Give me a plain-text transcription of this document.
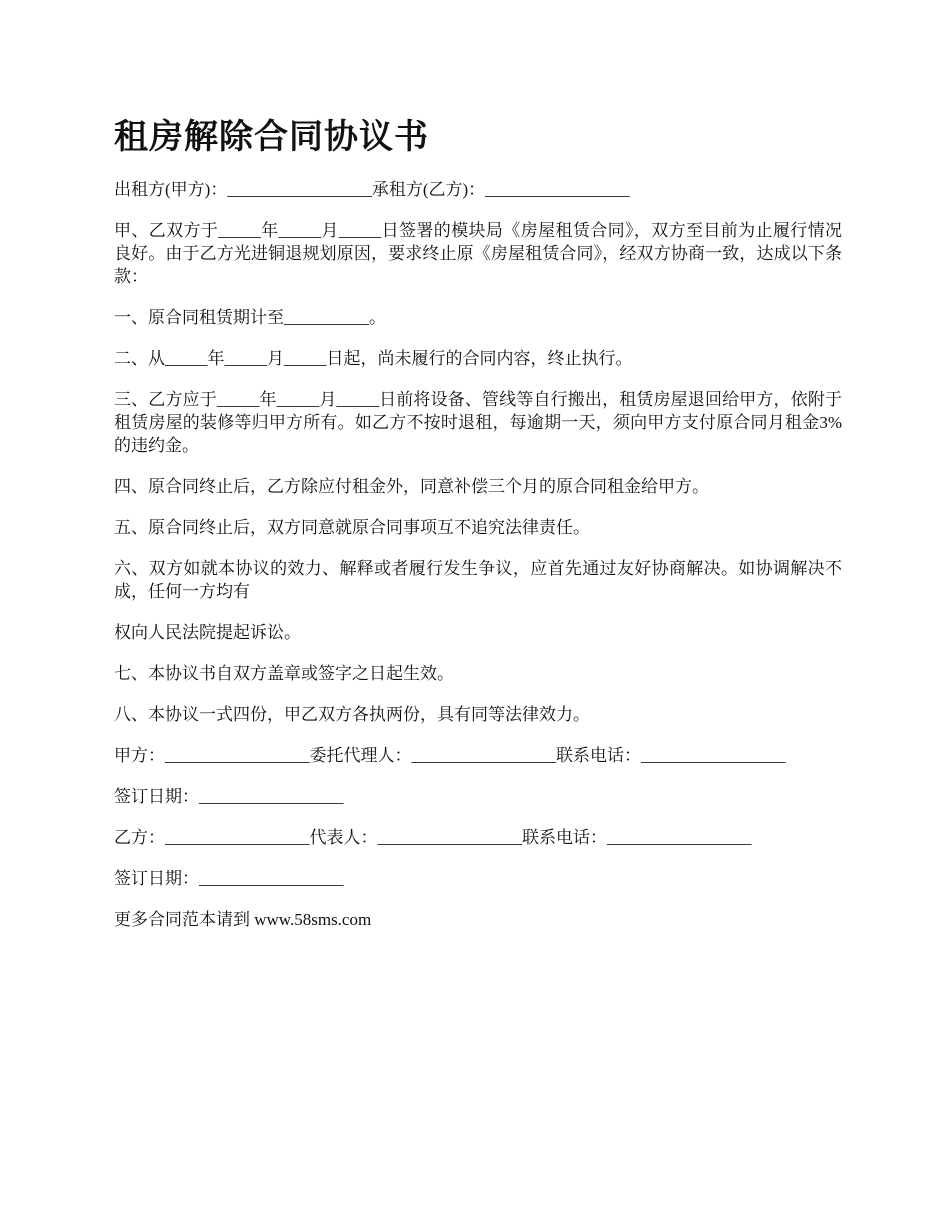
租房解除合同协议书

出租方(甲方)：_________________承租方(乙方)：_________________

甲、乙双方于_____年_____月_____日签署的模块局《房屋租赁合同》，双方至目前为止履行情况良好。由于乙方光进铜退规划原因，要求终止原《房屋租赁合同》，经双方协商一致，达成以下条款：

一、原合同租赁期计至__________。

二、从_____年_____月_____日起，尚未履行的合同内容，终止执行。

三、乙方应于_____年_____月_____日前将设备、管线等自行搬出，租赁房屋退回给甲方，依附于租赁房屋的装修等归甲方所有。如乙方不按时退租，每逾期一天，须向甲方支付原合同月租金3%的违约金。

四、原合同终止后，乙方除应付租金外，同意补偿三个月的原合同租金给甲方。

五、原合同终止后，双方同意就原合同事项互不追究法律责任。

六、双方如就本协议的效力、解释或者履行发生争议，应首先通过友好协商解决。如协调解决不成，任何一方均有

权向人民法院提起诉讼。

七、本协议书自双方盖章或签字之日起生效。

八、本协议一式四份，甲乙双方各执两份，具有同等法律效力。

甲方：_________________委托代理人：_________________联系电话：_________________

签订日期：_________________

乙方：_________________代表人：_________________联系电话：_________________

签订日期：_________________

更多合同范本请到 www.58sms.com
